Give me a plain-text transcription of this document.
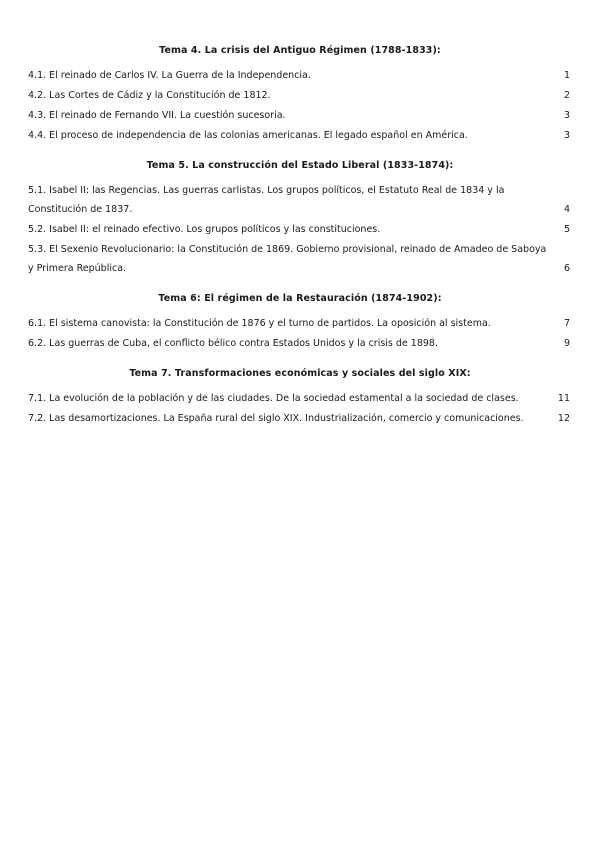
Tema 4. La crisis del Antiguo Régimen (1788-1833):
4.1. El reinado de Carlos IV. La Guerra de la Independencia.	1
4.2. Las Cortes de Cádiz y la Constitución de 1812.	2
4.3. El reinado de Fernando VII. La cuestión sucesoria.	3
4.4. El proceso de independencia de las colonias americanas. El legado español en América.	3
Tema 5. La construcción del Estado Liberal (1833-1874):
5.1. Isabel II: las Regencias. Las guerras carlistas. Los grupos políticos, el Estatuto Real de 1834 y la Constitución de 1837.	4
5.2. Isabel II: el reinado efectivo. Los grupos políticos y las constituciones.	5
5.3. El Sexenio Revolucionario: la Constitución de 1869. Gobierno provisional, reinado de Amadeo de Saboya y Primera República.	6
Tema 6: El régimen de la Restauración (1874-1902):
6.1. El sistema canovista: la Constitución de 1876 y el turno de partidos. La oposición al sistema.	7
6.2. Las guerras de Cuba, el conflicto bélico contra Estados Unidos y la crisis de 1898.	9
Tema 7. Transformaciones económicas y sociales del siglo XIX:
7.1. La evolución de la población y de las ciudades. De la sociedad estamental a la sociedad de clases.	11
7.2. Las desamortizaciones. La España rural del siglo XIX. Industrialización, comercio y comunicaciones.	12
